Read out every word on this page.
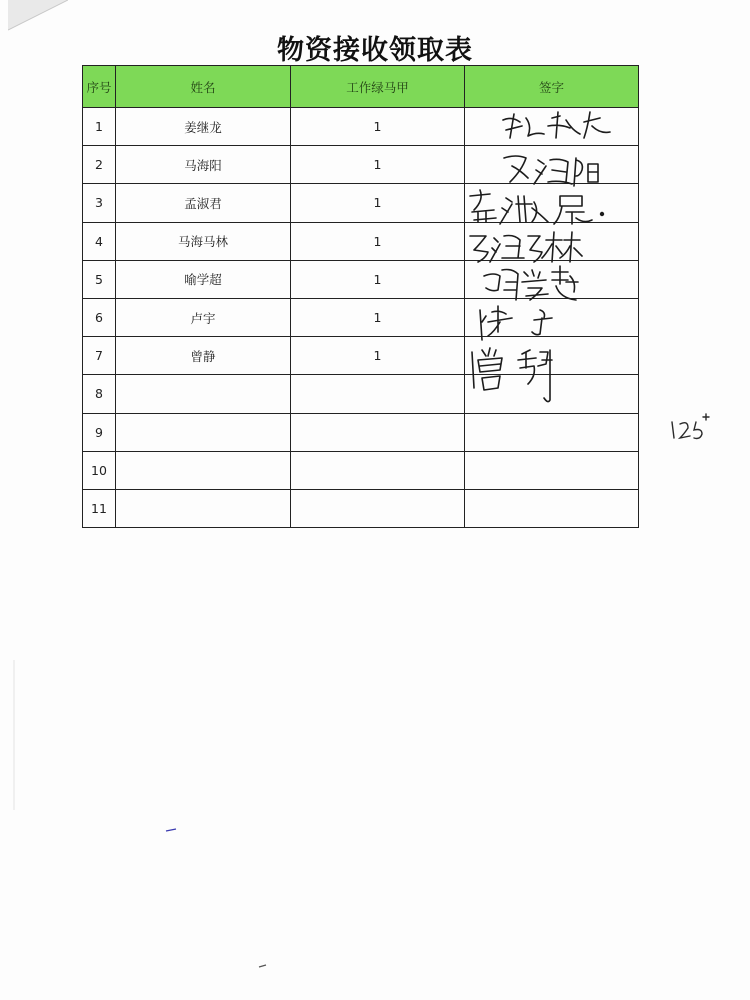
物资接收领取表
序号	姓名	工作绿马甲	签字
1	姜继龙	1	
2	马海阳	1	
3	孟淑君	1	
4	马海马林	1	
5	喻学超	1	
6	卢宇	1	
7	曾静	1	
8			
9			
10			
11			
